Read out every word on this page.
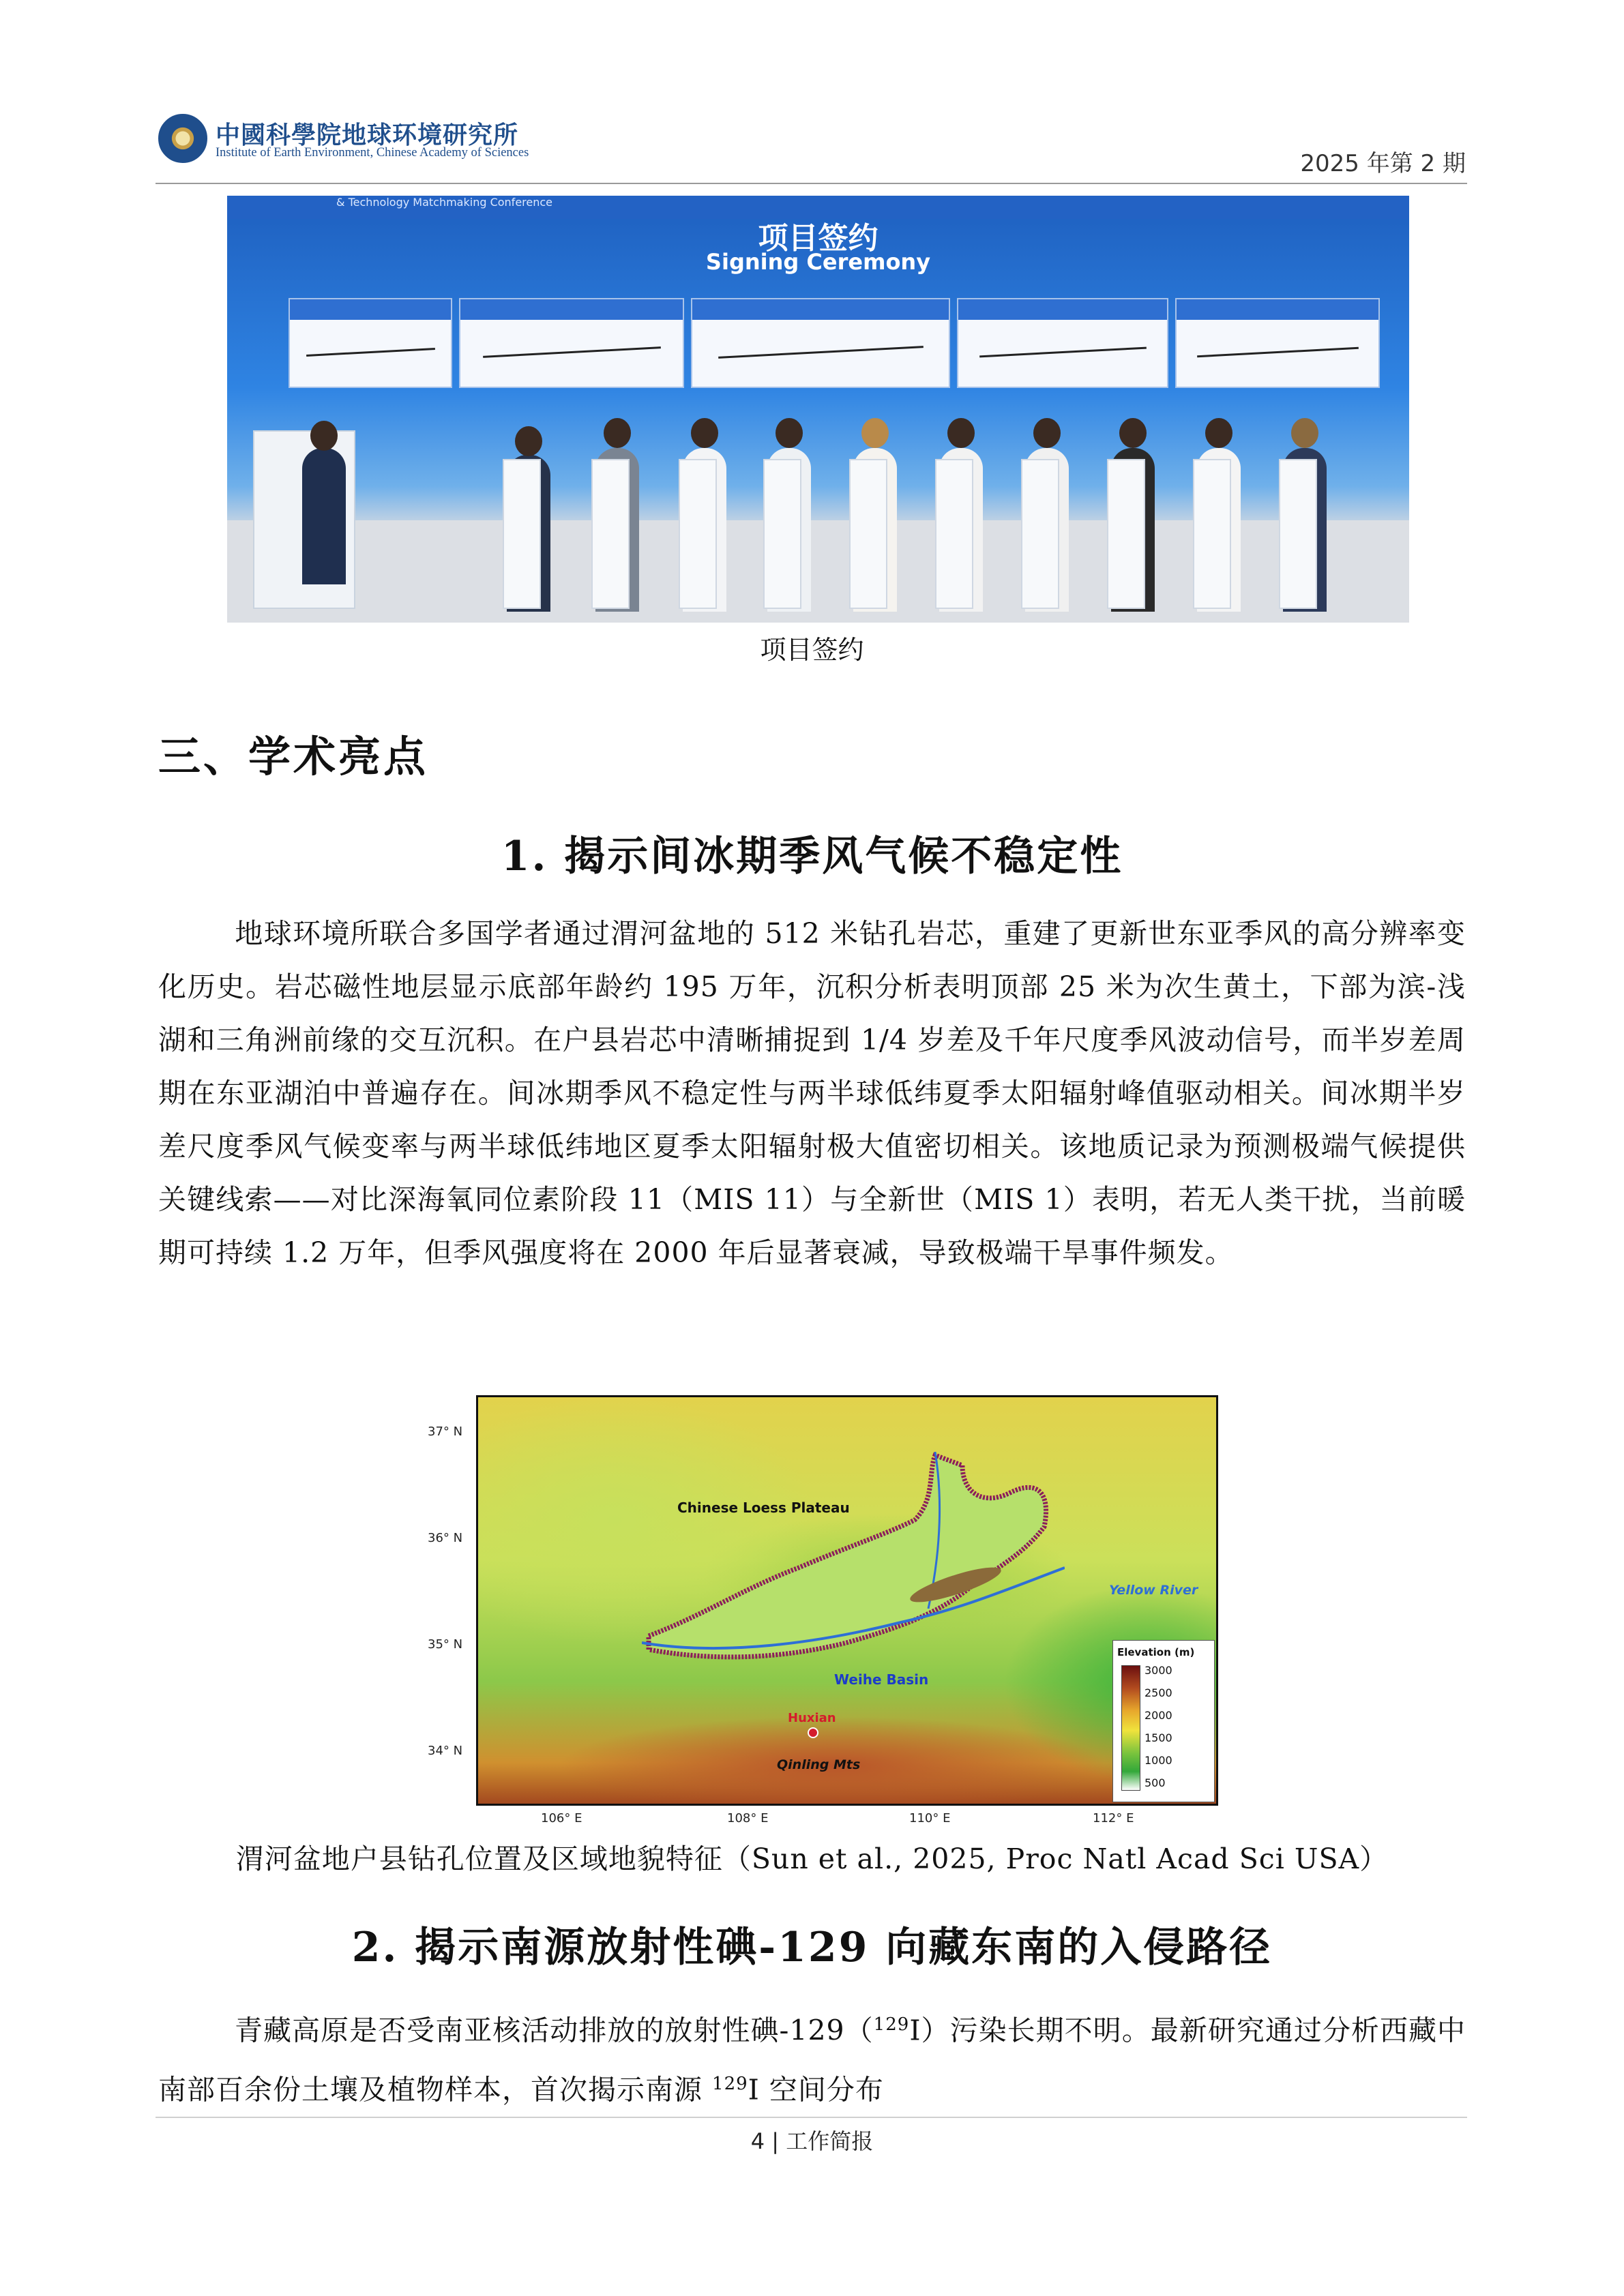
中國科學院地球环境研究所
Institute of Earth Environment, Chinese Academy of Sciences	2025 年第 2 期
& Technology Matchmaking Conference
项目签约
Signing Ceremony
项目签约
三、学术亮点
1. 揭示间冰期季风气候不稳定性

地球环境所联合多国学者通过渭河盆地的 512 米钻孔岩芯，重建了更新世东亚季风的高分辨率变化历史。岩芯磁性地层显示底部年龄约 195 万年，沉积分析表明顶部 25 米为次生黄土，下部为滨-浅湖和三角洲前缘的交互沉积。在户县岩芯中清晰捕捉到 1/4 岁差及千年尺度季风波动信号，而半岁差周期在东亚湖泊中普遍存在。间冰期季风不稳定性与两半球低纬夏季太阳辐射峰值驱动相关。间冰期半岁差尺度季风气候变率与两半球低纬地区夏季太阳辐射极大值密切相关。该地质记录为预测极端气候提供关键线索——对比深海氧同位素阶段 11（MIS 11）与全新世（MIS 1）表明，若无人类干扰，当前暖期可持续 1.2 万年，但季风强度将在 2000 年后显著衰减，导致极端干旱事件频发。

37° N
36° N
35° N
34° N
106° E	108° E	110° E	112° E
Chinese Loess Plateau
Yellow River
Weihe Basin
Huxian
Qinling Mts
Elevation (m)
3000
2500
2000
1500
1000
500
渭河盆地户县钻孔位置及区域地貌特征（Sun et al., 2025, Proc Natl Acad Sci USA）
2. 揭示南源放射性碘-129 向藏东南的入侵路径

青藏高原是否受南亚核活动排放的放射性碘-129（$^{129}$I）污染长期不明。最新研究通过分析西藏中南部百余份土壤及植物样本，首次揭示南源 $^{129}$I 空间分布

4 | 工作简报
